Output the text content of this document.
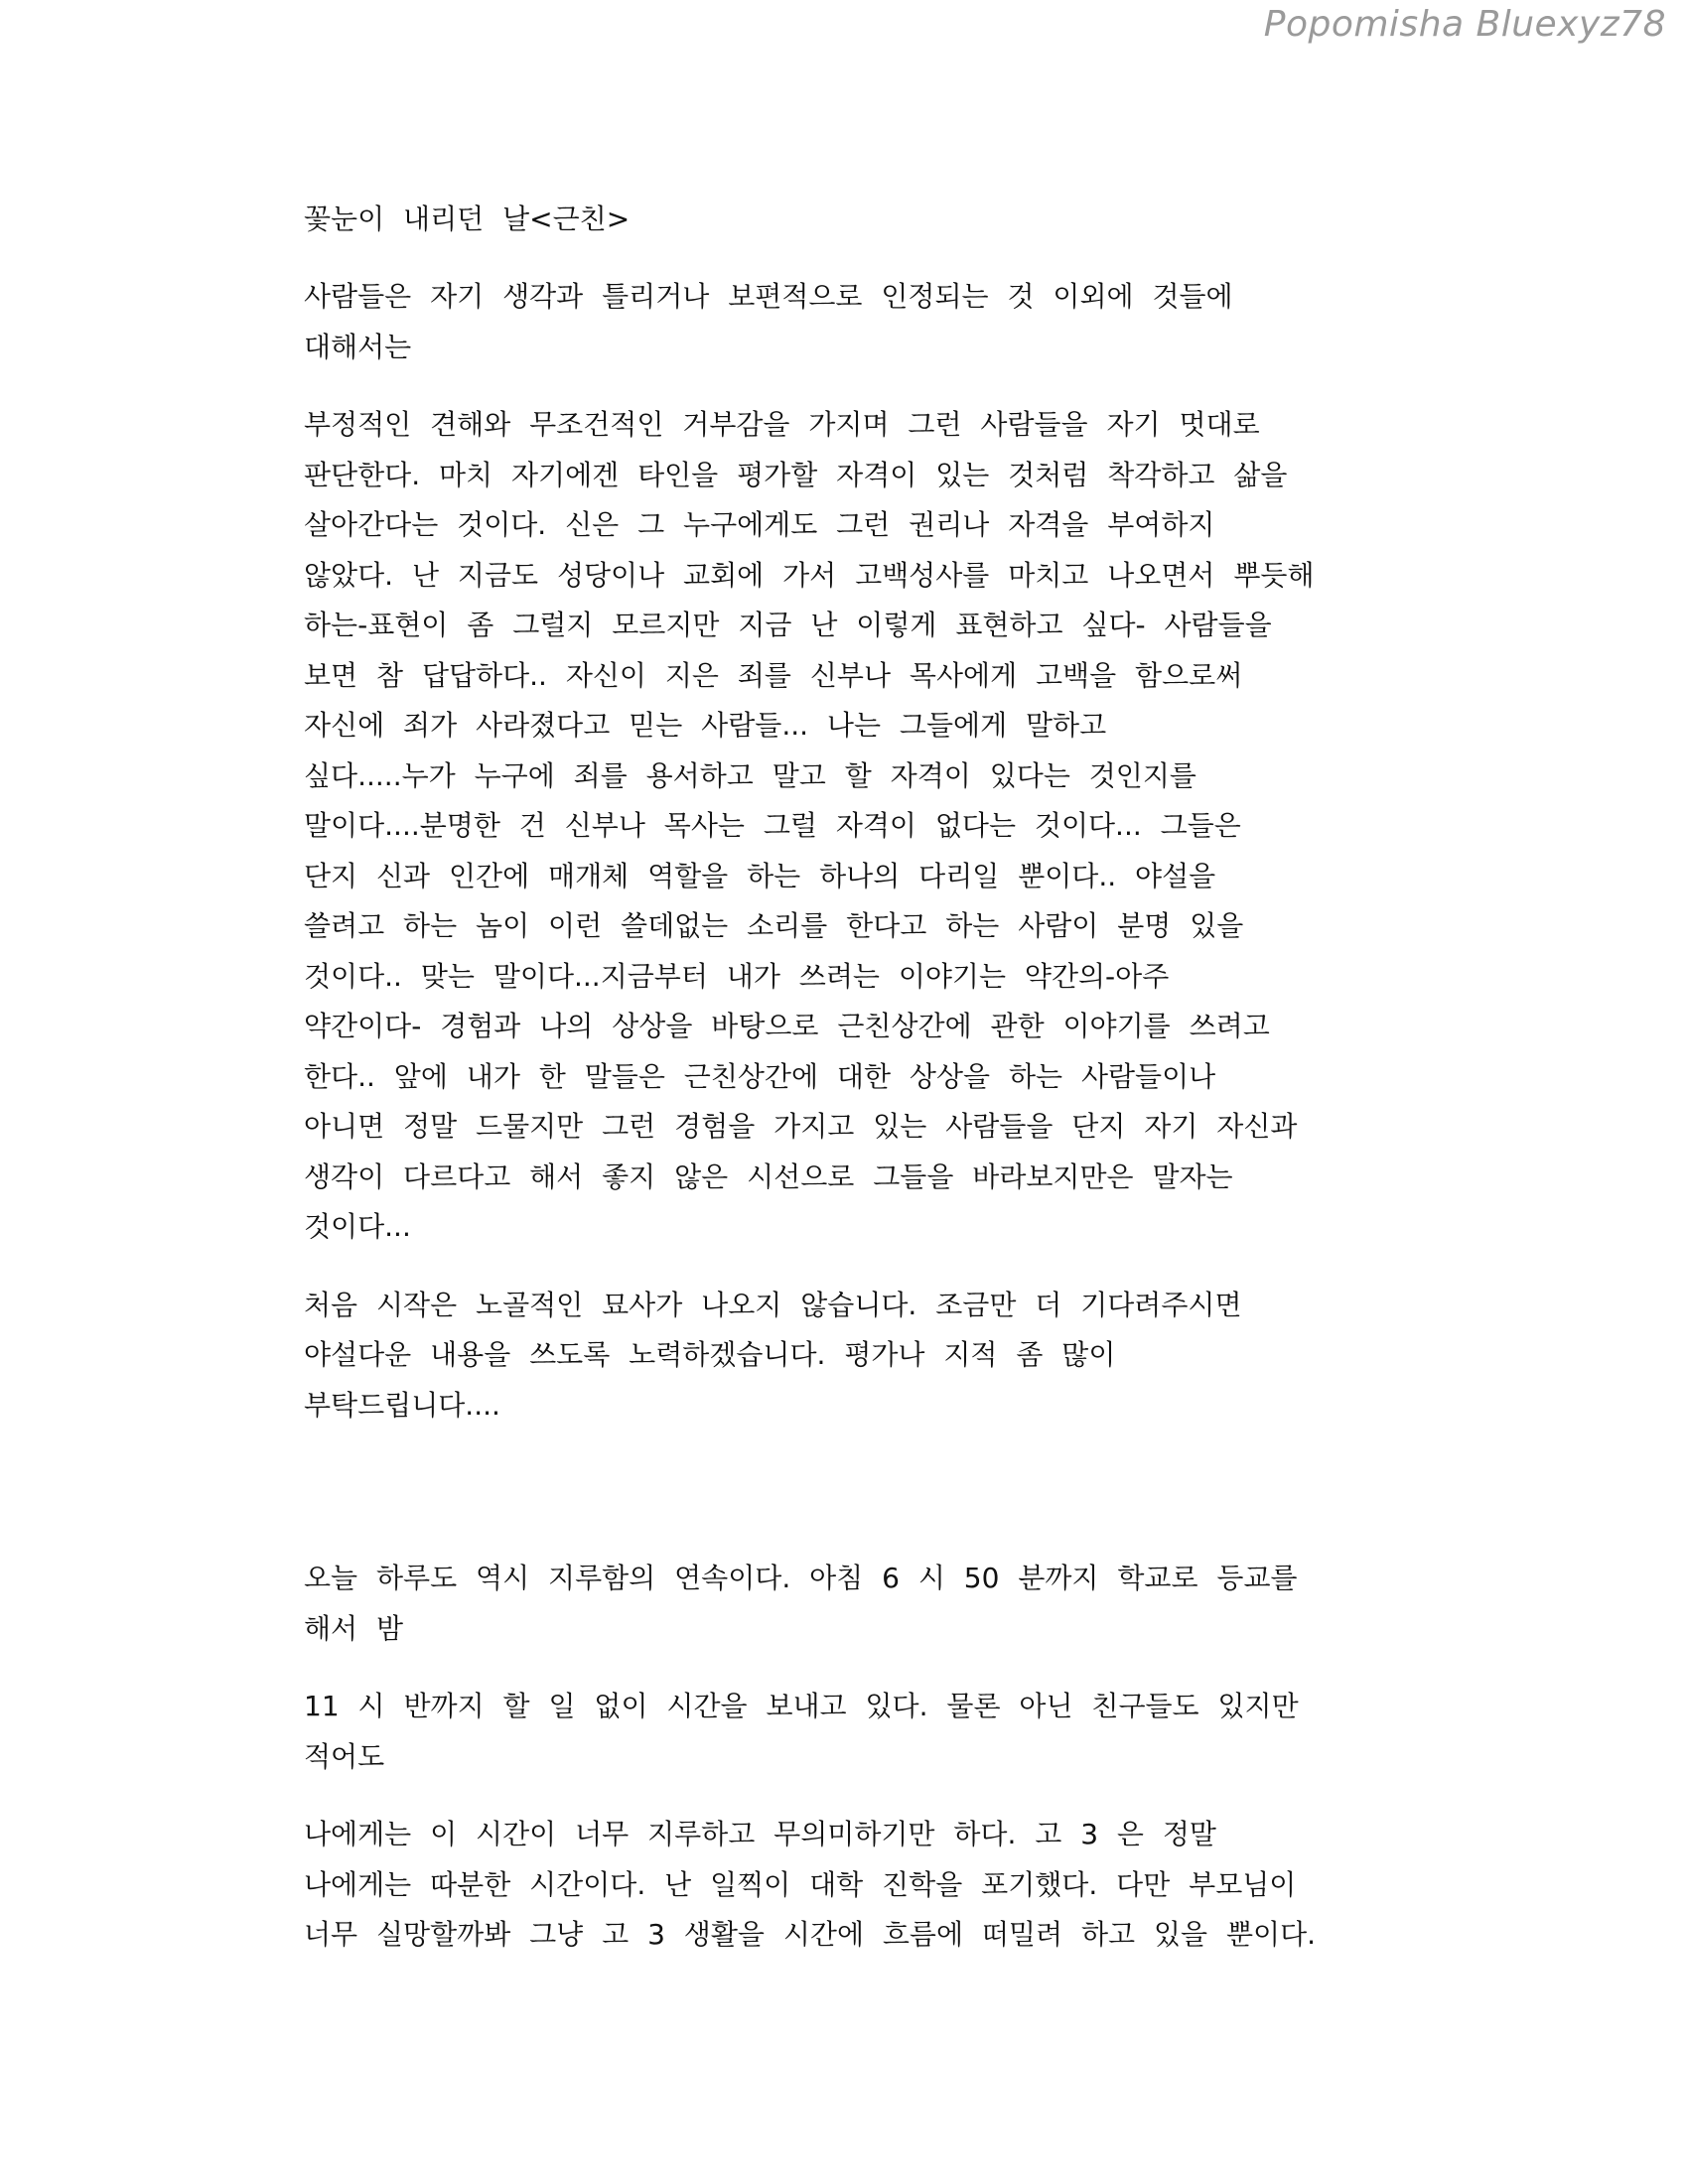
Popomisha Bluexyz78
꽃눈이 내리던 날<근친>
사람들은 자기 생각과 틀리거나 보편적으로 인정되는 것 이외에 것들에
대해서는
부정적인 견해와 무조건적인 거부감을 가지며 그런 사람들을 자기 멋대로
판단한다. 마치 자기에겐 타인을 평가할 자격이 있는 것처럼 착각하고 삶을
살아간다는 것이다. 신은 그 누구에게도 그런 권리나 자격을 부여하지
않았다. 난 지금도 성당이나 교회에 가서 고백성사를 마치고 나오면서 뿌듯해
하는-표현이 좀 그럴지 모르지만 지금 난 이렇게 표현하고 싶다- 사람들을
보면 참 답답하다.. 자신이 지은 죄를 신부나 목사에게 고백을 함으로써
자신에 죄가 사라졌다고 믿는 사람들... 나는 그들에게 말하고
싶다.....누가 누구에 죄를 용서하고 말고 할 자격이 있다는 것인지를
말이다....분명한 건 신부나 목사는 그럴 자격이 없다는 것이다... 그들은
단지 신과 인간에 매개체 역할을 하는 하나의 다리일 뿐이다.. 야설을
쓸려고 하는 놈이 이런 쓸데없는 소리를 한다고 하는 사람이 분명 있을
것이다.. 맞는 말이다...지금부터 내가 쓰려는 이야기는 약간의-아주
약간이다- 경험과 나의 상상을 바탕으로 근친상간에 관한 이야기를 쓰려고
한다.. 앞에 내가 한 말들은 근친상간에 대한 상상을 하는 사람들이나
아니면 정말 드물지만 그런 경험을 가지고 있는 사람들을 단지 자기 자신과
생각이 다르다고 해서 좋지 않은 시선으로 그들을 바라보지만은 말자는
것이다...
처음 시작은 노골적인 묘사가 나오지 않습니다. 조금만 더 기다려주시면
야설다운 내용을 쓰도록 노력하겠습니다. 평가나 지적 좀 많이
부탁드립니다....
오늘 하루도 역시 지루함의 연속이다. 아침 6 시 50 분까지 학교로 등교를
해서 밤
11 시 반까지 할 일 없이 시간을 보내고 있다. 물론 아닌 친구들도 있지만
적어도
나에게는 이 시간이 너무 지루하고 무의미하기만 하다. 고 3 은 정말
나에게는 따분한 시간이다. 난 일찍이 대학 진학을 포기했다. 다만 부모님이
너무 실망할까봐 그냥 고 3 생활을 시간에 흐름에 떠밀려 하고 있을 뿐이다.
